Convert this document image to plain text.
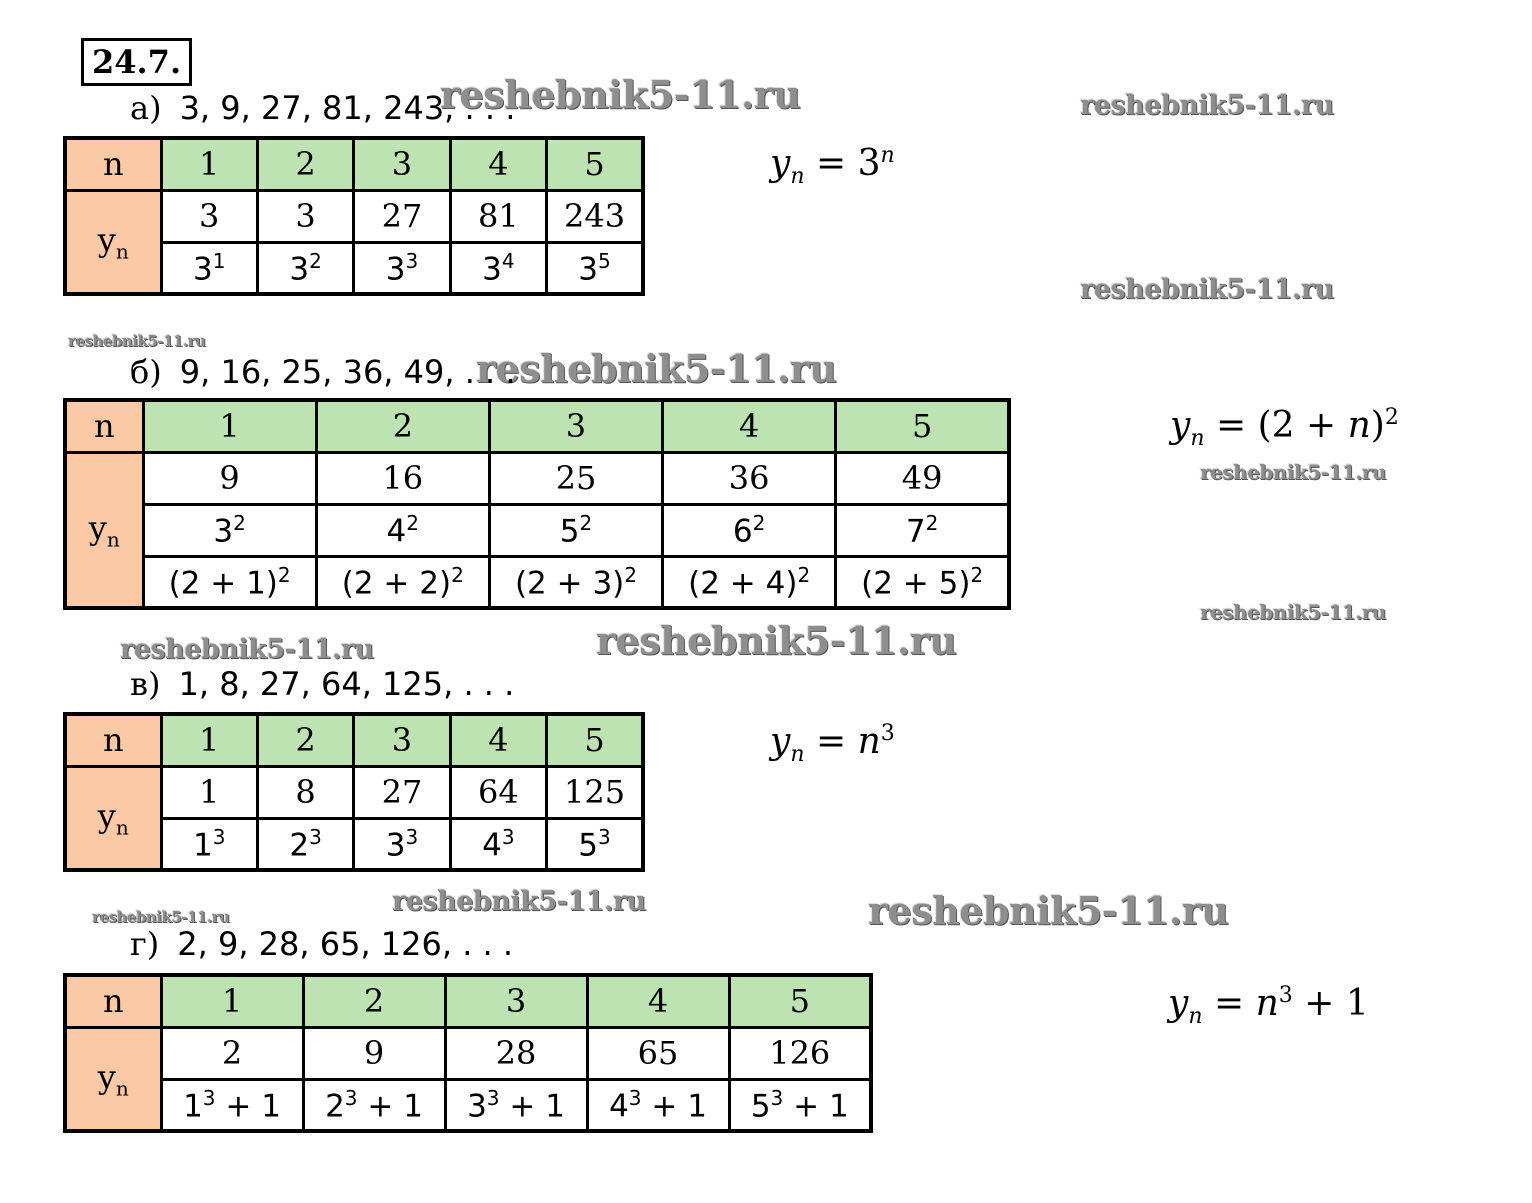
24.7.
reshebnik5-11.ru	reshebnik5-11.ru
reshebnik5-11.ru
reshebnik5-11.ru
reshebnik5-11.ru
reshebnik5-11.ru
reshebnik5-11.ru
reshebnik5-11.ru
reshebnik5-11.ru
reshebnik5-11.ru
reshebnik5-11.ru	reshebnik5-11.ru
а) 3, 9, 27, 81, 243, . . .
$y_n = 3^n$
n	1	2	3	4	5
$y_n$	3	3	27	81	243
	$3^1$	$3^2$	$3^3$	$3^4$	$3^5$
б) 9, 16, 25, 36, 49, . . .
$y_n = (2 + n)^2$
n	1	2	3	4	5
$y_n$	9	16	25	36	49
	$3^2$	$4^2$	$5^2$	$6^2$	$7^2$
	$(2 + 1)^2$	$(2 + 2)^2$	$(2 + 3)^2$	$(2 + 4)^2$	$(2 + 5)^2$
в) 1, 8, 27, 64, 125, . . .
$y_n = n^3$
n	1	2	3	4	5
$y_n$	1	8	27	64	125
	$1^3$	$2^3$	$3^3$	$4^3$	$5^3$
г) 2, 9, 28, 65, 126, . . .
$y_n = n^3 + 1$
n	1	2	3	4	5
$y_n$	2	9	28	65	126
	$1^3 + 1$	$2^3 + 1$	$3^3 + 1$	$4^3 + 1$	$5^3 + 1$
